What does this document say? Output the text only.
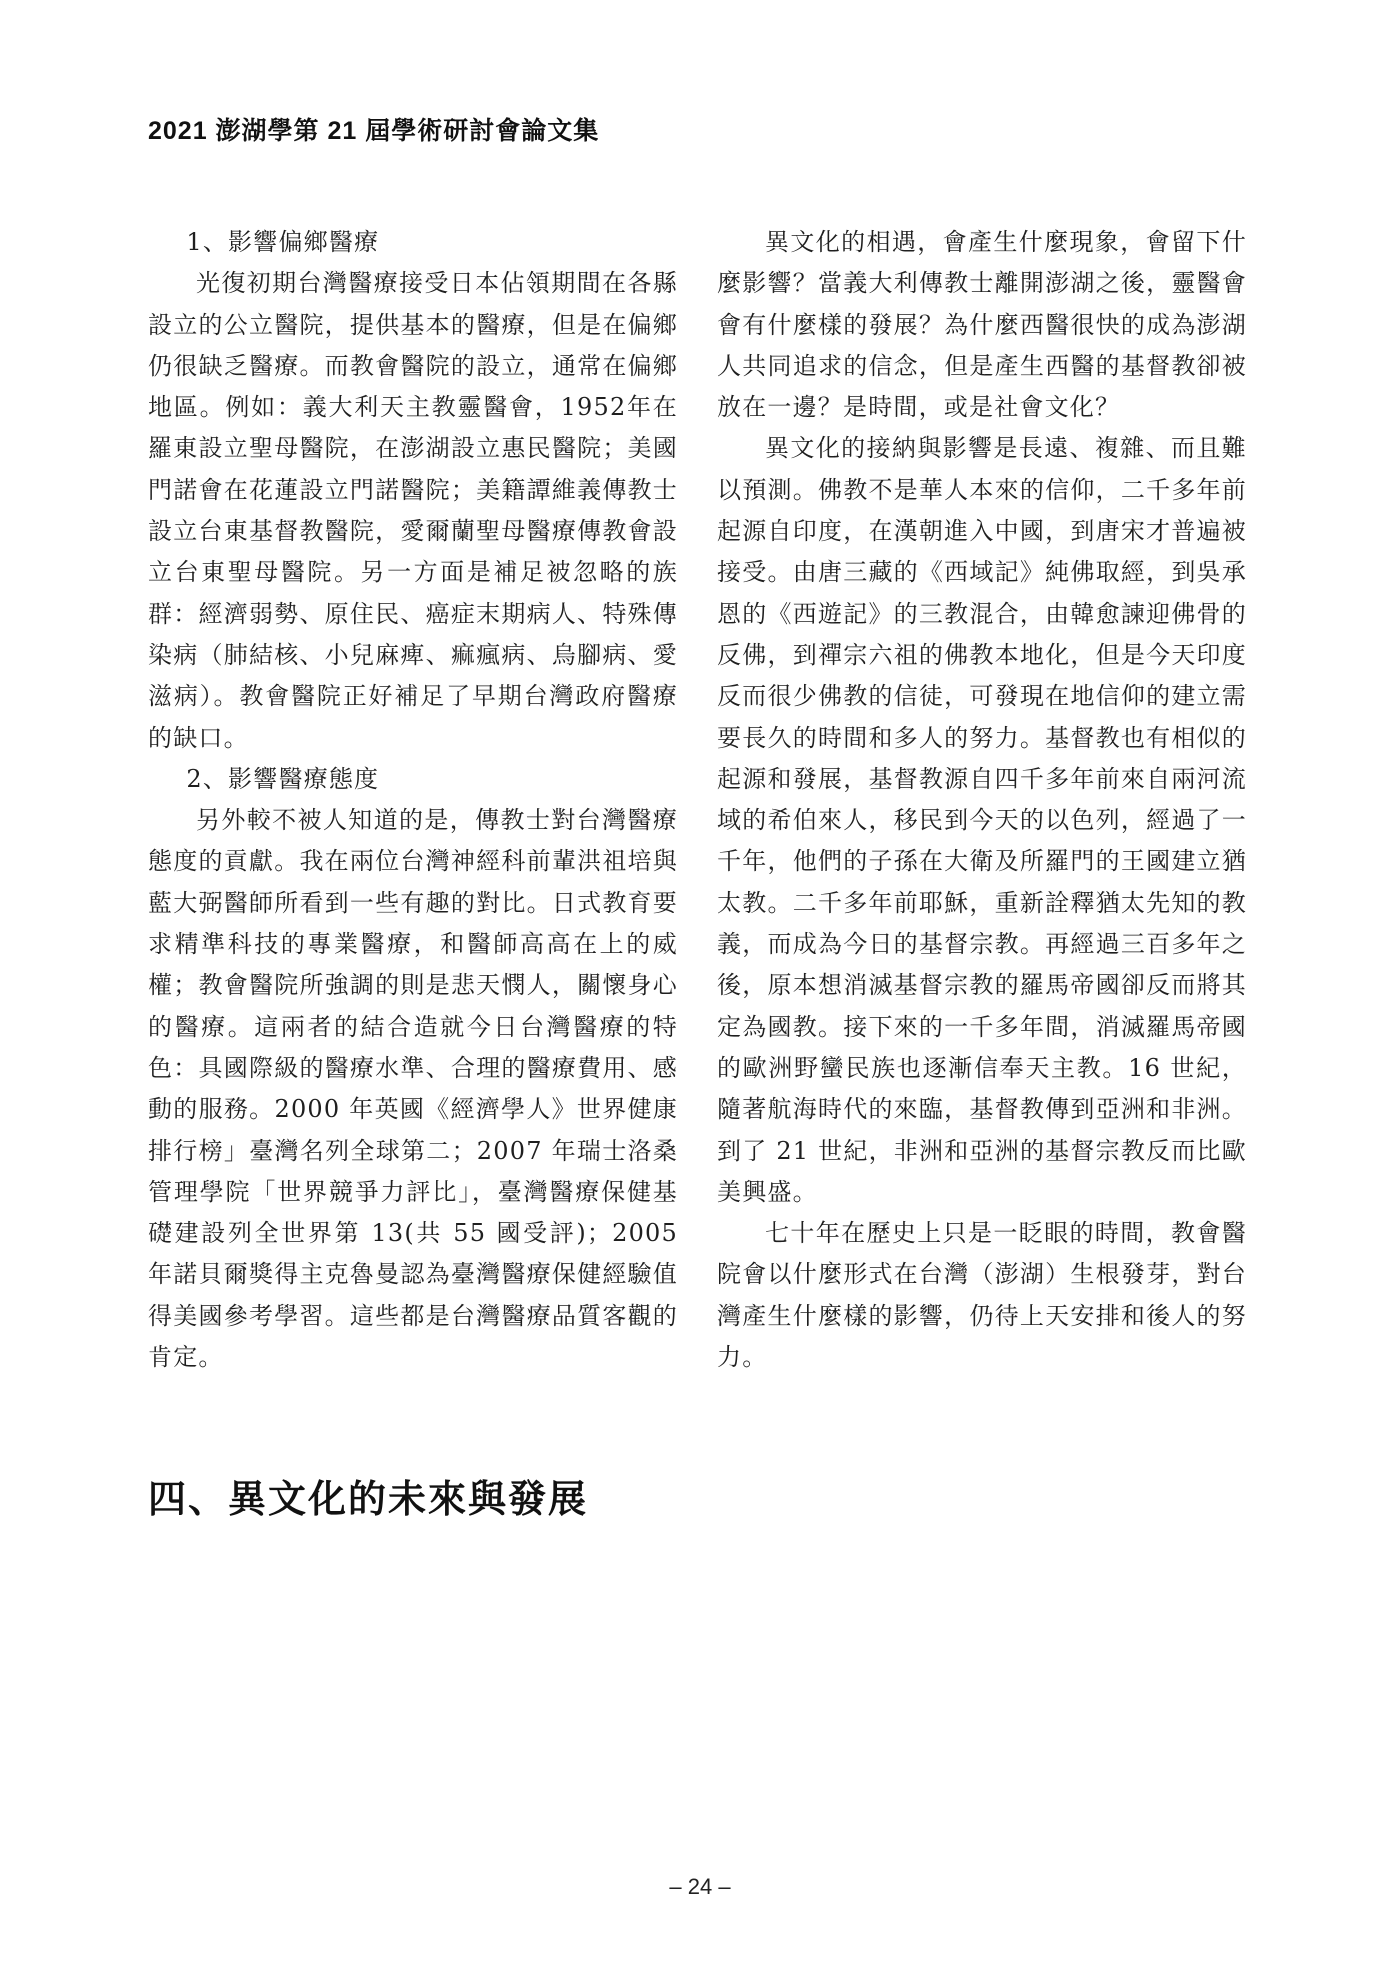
2021 澎湖學第 21 屆學術研討會論文集

1、影響偏鄉醫療

光復初期台灣醫療接受日本佔領期間在各縣設立的公立醫院，提供基本的醫療，但是在偏鄉仍很缺乏醫療。而教會醫院的設立，通常在偏鄉地區。例如：義大利天主教靈醫會，1952年在羅東設立聖母醫院，在澎湖設立惠民醫院；美國門諾會在花蓮設立門諾醫院；美籍譚維義傳教士設立台東基督教醫院，愛爾蘭聖母醫療傳教會設立台東聖母醫院。另一方面是補足被忽略的族群：經濟弱勢、原住民、癌症末期病人、特殊傳染病（肺結核、小兒麻痺、痲瘋病、烏腳病、愛滋病）。教會醫院正好補足了早期台灣政府醫療的缺口。

2、影響醫療態度

另外較不被人知道的是，傳教士對台灣醫療態度的貢獻。我在兩位台灣神經科前輩洪祖培與藍大弼醫師所看到一些有趣的對比。日式教育要求精準科技的專業醫療，和醫師高高在上的威權；教會醫院所強調的則是悲天憫人，關懷身心的醫療。這兩者的結合造就今日台灣醫療的特色：具國際級的醫療水準、合理的醫療費用、感動的服務。2000 年英國《經濟學人》世界健康排行榜」臺灣名列全球第二；2007 年瑞士洛桑管理學院「世界競爭力評比」，臺灣醫療保健基礎建設列全世界第 13(共 55 國受評)；2005 年諾貝爾獎得主克魯曼認為臺灣醫療保健經驗值得美國參考學習。這些都是台灣醫療品質客觀的肯定。

異文化的相遇，會產生什麼現象，會留下什麼影響？當義大利傳教士離開澎湖之後，靈醫會會有什麼樣的發展？為什麼西醫很快的成為澎湖人共同追求的信念，但是產生西醫的基督教卻被放在一邊？是時間，或是社會文化？

異文化的接納與影響是長遠、複雜、而且難以預測。佛教不是華人本來的信仰，二千多年前起源自印度，在漢朝進入中國，到唐宋才普遍被接受。由唐三藏的《西域記》純佛取經，到吳承恩的《西遊記》的三教混合，由韓愈諫迎佛骨的反佛，到禪宗六祖的佛教本地化，但是今天印度反而很少佛教的信徒，可發現在地信仰的建立需要長久的時間和多人的努力。基督教也有相似的起源和發展，基督教源自四千多年前來自兩河流域的希伯來人，移民到今天的以色列，經過了一千年，他們的子孫在大衛及所羅門的王國建立猶太教。二千多年前耶穌，重新詮釋猶太先知的教義，而成為今日的基督宗教。再經過三百多年之後，原本想消滅基督宗教的羅馬帝國卻反而將其定為國教。接下來的一千多年間，消滅羅馬帝國的歐洲野蠻民族也逐漸信奉天主教。16 世紀，隨著航海時代的來臨，基督教傳到亞洲和非洲。到了 21 世紀，非洲和亞洲的基督宗教反而比歐美興盛。

七十年在歷史上只是一眨眼的時間，教會醫院會以什麼形式在台灣（澎湖）生根發芽，對台灣產生什麼樣的影響，仍待上天安排和後人的努力。

四、異文化的未來與發展
– 24 –
